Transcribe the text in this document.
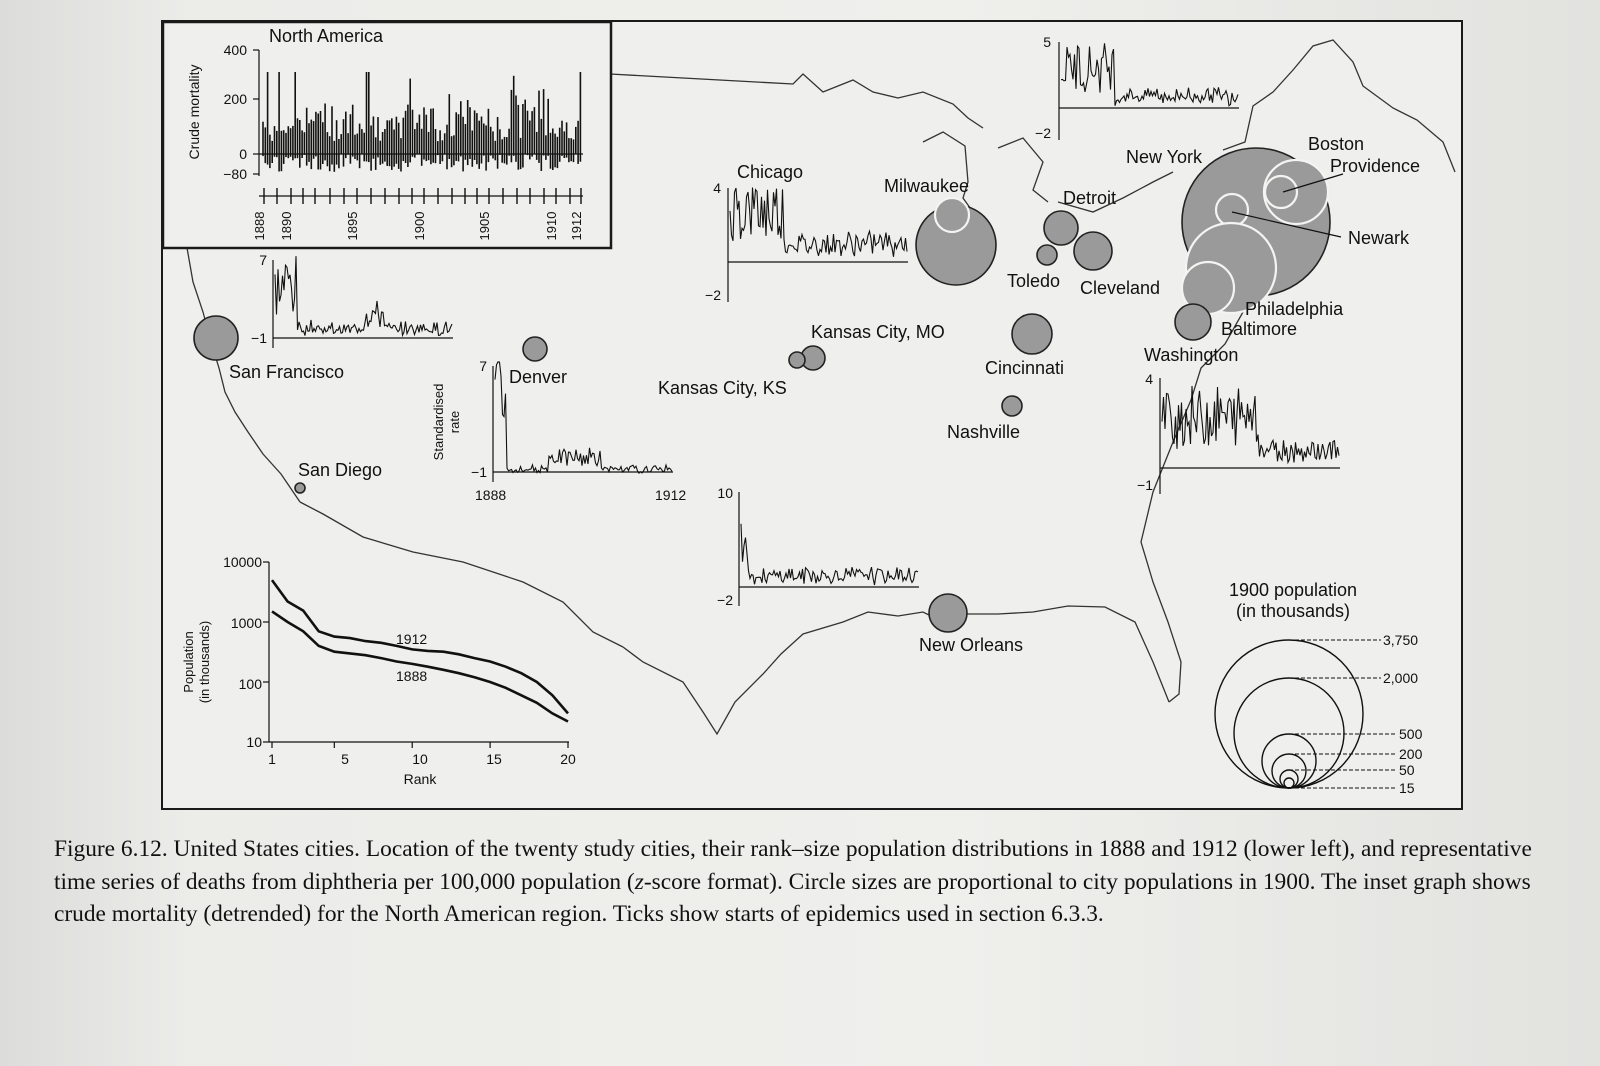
North America
Crude mortality
400
200
0
−80
1888 1890	1895	1900	1905	1910 1912
San Francisco
San Diego
Denver
Kansas City, MO
Kansas City, KS
Chicago
Milwaukee
Detroit
Toledo Cleveland
Cincinnati
Nashville
New Orleans
New York
Boston
Providence
Newark
Philadelphia
Baltimore
Washington
7
−1
7
−1
1888	1912
Standardised rate
4
−2
5
−2
10
−2
4
−1
Population (in thousands)
10000
1000
100
10
1	5	10	15	20
Rank
1912
1888
1900 population
(in thousands)
3,750
2,000
500
200
50
15

Figure 6.12. United States cities. Location of the twenty study cities, their rank–size population distributions in 1888 and 1912 (lower left), and representative time series of deaths from diphtheria per 100,000 population (z-score format). Circle sizes are proportional to city populations in 1900. The inset graph shows crude mortality (detrended) for the North American region. Ticks show starts of epidemics used in section 6.3.3.
